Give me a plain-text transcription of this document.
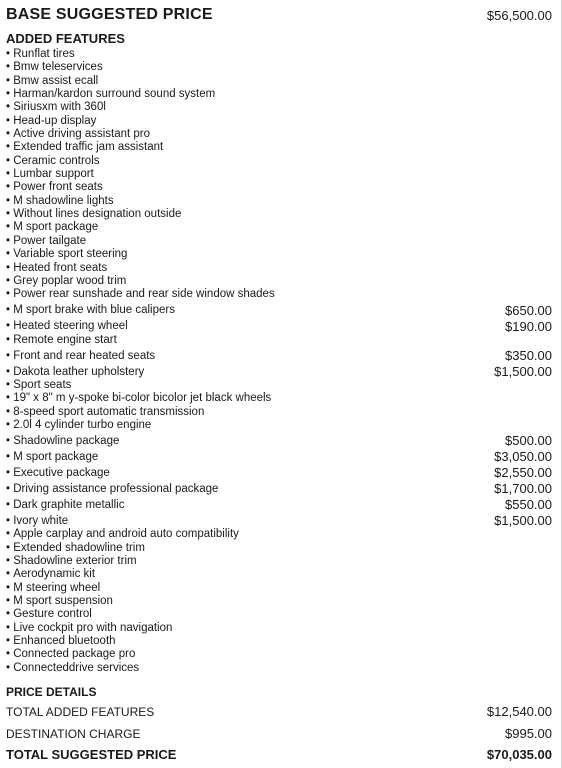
BASE SUGGESTED PRICE	$56,500.00
ADDED FEATURES
• Runflat tires
• Bmw teleservices
• Bmw assist ecall
• Harman/kardon surround sound system
• Siriusxm with 360l
• Head-up display
• Active driving assistant pro
• Extended traffic jam assistant
• Ceramic controls
• Lumbar support
• Power front seats
• M shadowline lights
• Without lines designation outside
• M sport package
• Power tailgate
• Variable sport steering
• Heated front seats
• Grey poplar wood trim
• Power rear sunshade and rear side window shades
• M sport brake with blue calipers	$650.00
• Heated steering wheel	$190.00
• Remote engine start
• Front and rear heated seats	$350.00
• Dakota leather upholstery	$1,500.00
• Sport seats
• 19" x 8" m y-spoke bi-color bicolor jet black wheels
• 8-speed sport automatic transmission
• 2.0l 4 cylinder turbo engine
• Shadowline package	$500.00
• M sport package	$3,050.00
• Executive package	$2,550.00
• Driving assistance professional package	$1,700.00
• Dark graphite metallic	$550.00
• Ivory white	$1,500.00
• Apple carplay and android auto compatibility
• Extended shadowline trim
• Shadowline exterior trim
• Aerodynamic kit
• M steering wheel
• M sport suspension
• Gesture control
• Live cockpit pro with navigation
• Enhanced bluetooth
• Connected package pro
• Connecteddrive services
PRICE DETAILS
TOTAL ADDED FEATURES	$12,540.00
DESTINATION CHARGE	$995.00
TOTAL SUGGESTED PRICE	$70,035.00
